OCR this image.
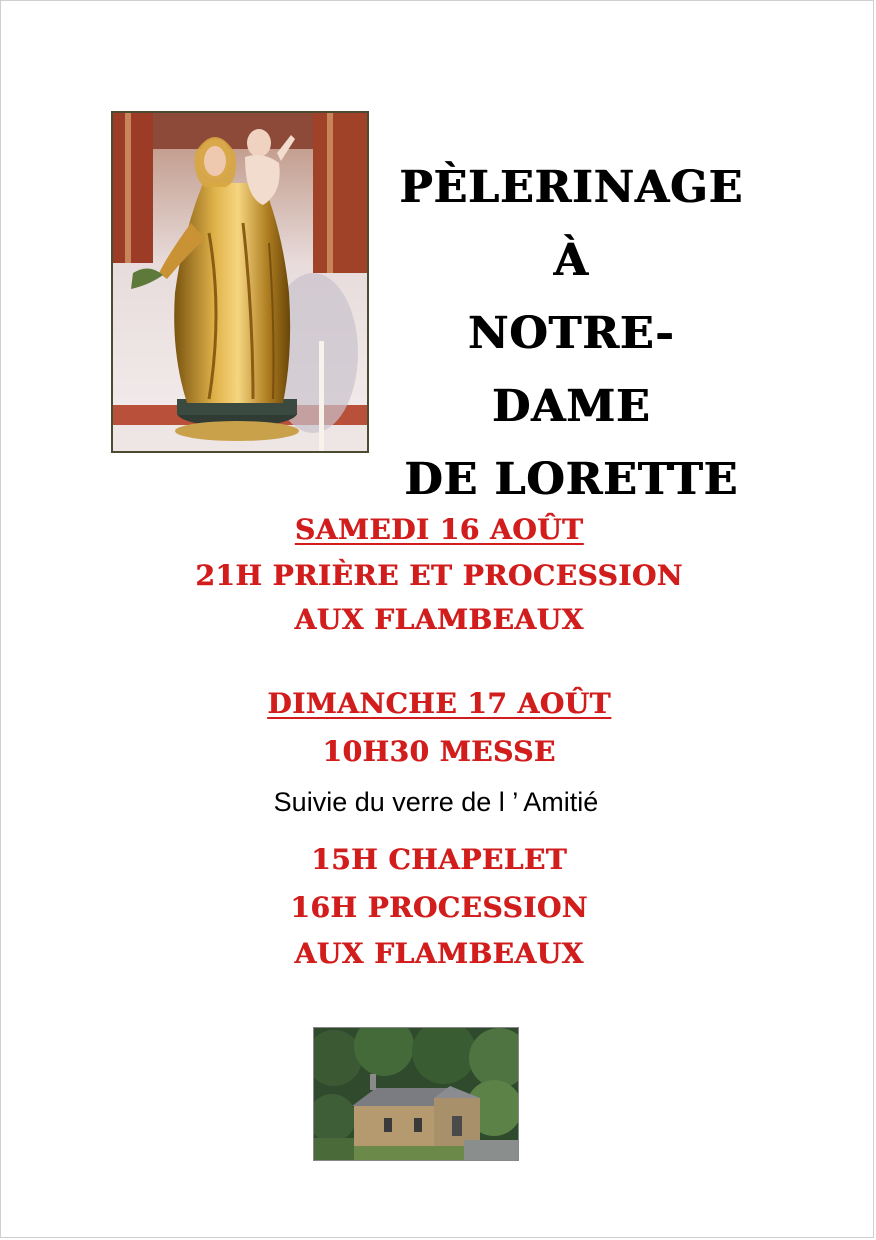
PÈLERINAGE
À
NOTRE-DAME
DE LORETTE
SAMEDI 16 AOÛT
21H PRIÈRE ET PROCESSION
AUX FLAMBEAUX
DIMANCHE 17 AOÛT
10H30 MESSE
Suivie du verre de l ’ Amitié
15H CHAPELET
16H PROCESSION
AUX FLAMBEAUX
